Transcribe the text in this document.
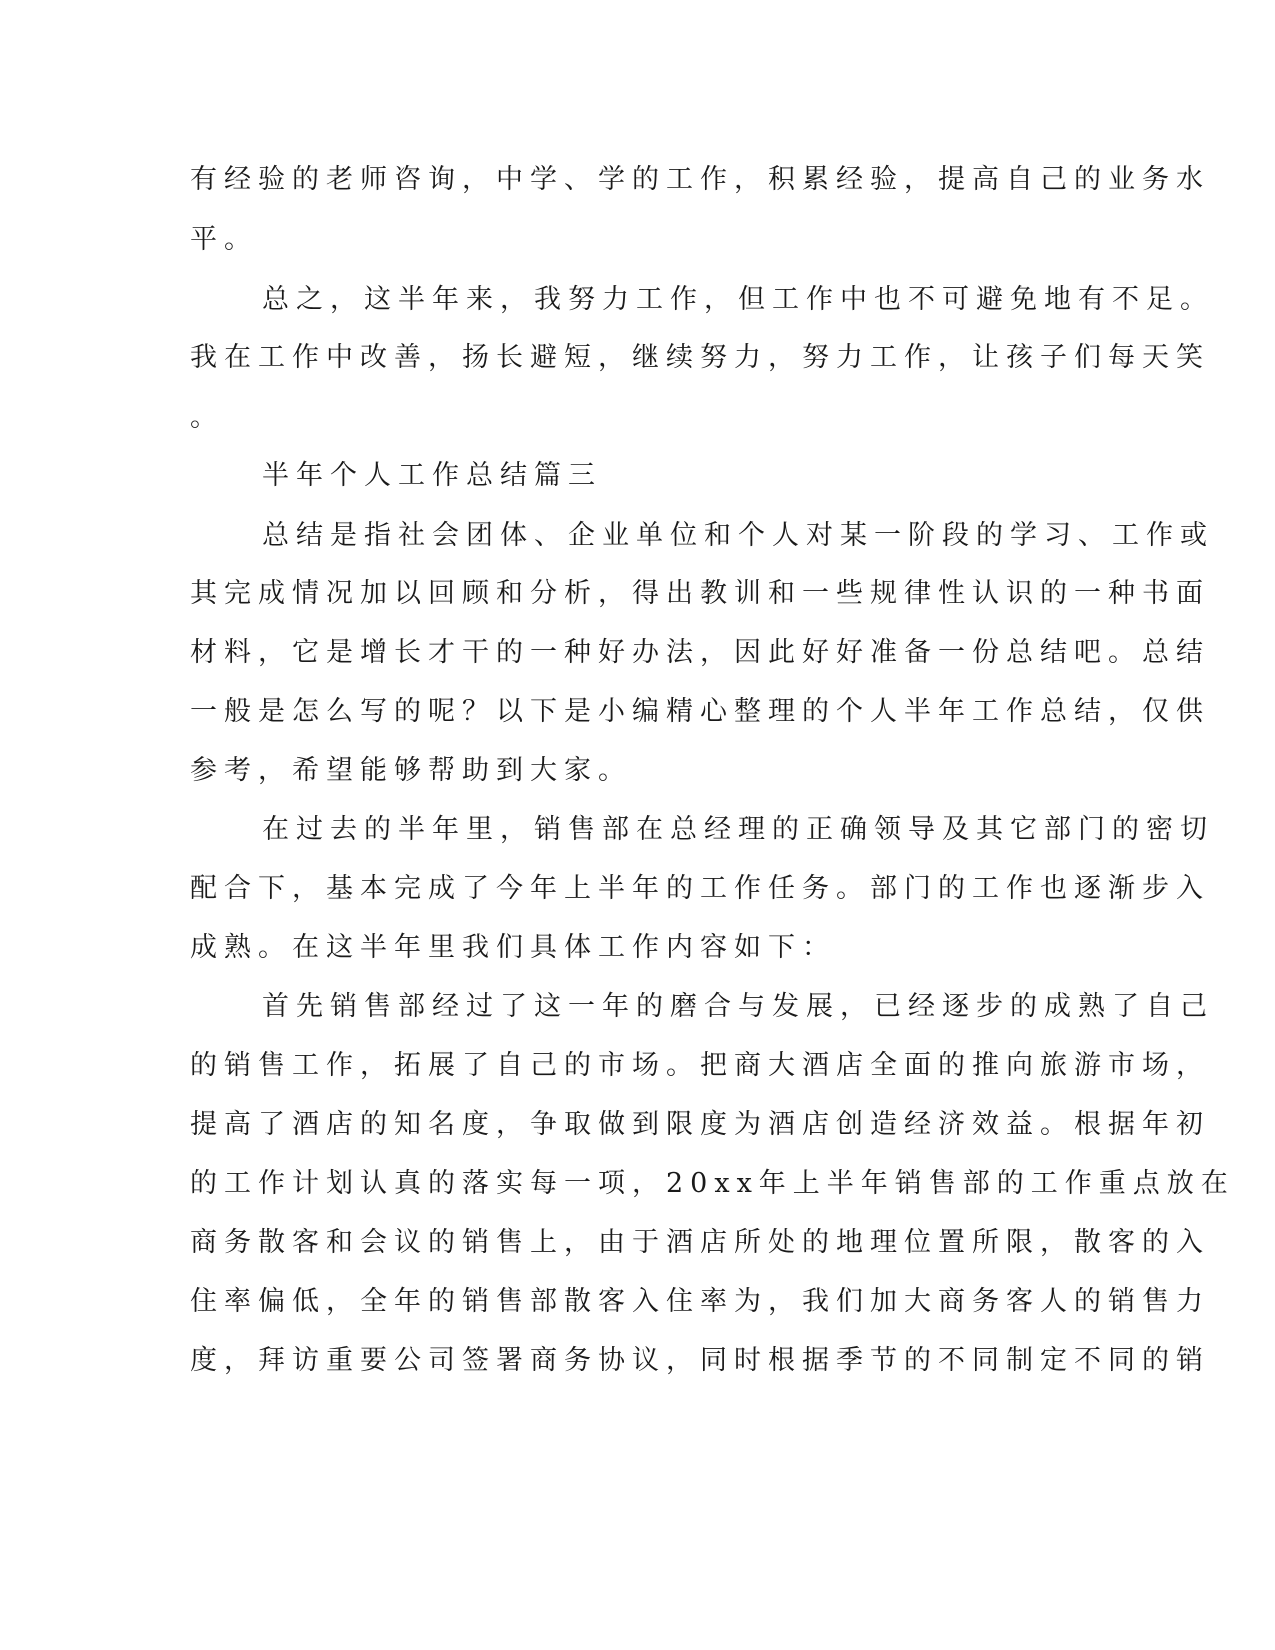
有经验的老师咨询，中学、学的工作，积累经验，提高自己的业务水

平。

总之，这半年来，我努力工作，但工作中也不可避免地有不足。

我在工作中改善，扬长避短，继续努力，努力工作，让孩子们每天笑

。

半年个人工作总结篇三

总结是指社会团体、企业单位和个人对某一阶段的学习、工作或

其完成情况加以回顾和分析，得出教训和一些规律性认识的一种书面

材料，它是增长才干的一种好办法，因此好好准备一份总结吧。总结

一般是怎么写的呢？以下是小编精心整理的个人半年工作总结，仅供

参考，希望能够帮助到大家。

在过去的半年里，销售部在总经理的正确领导及其它部门的密切

配合下，基本完成了今年上半年的工作任务。部门的工作也逐渐步入

成熟。在这半年里我们具体工作内容如下：

首先销售部经过了这一年的磨合与发展，已经逐步的成熟了自己

的销售工作，拓展了自己的市场。把商大酒店全面的推向旅游市场，

提高了酒店的知名度，争取做到限度为酒店创造经济效益。根据年初

的工作计划认真的落实每一项，20xx年上半年销售部的工作重点放在

商务散客和会议的销售上，由于酒店所处的地理位置所限，散客的入

住率偏低，全年的销售部散客入住率为，我们加大商务客人的销售力

度，拜访重要公司签署商务协议，同时根据季节的不同制定不同的销
